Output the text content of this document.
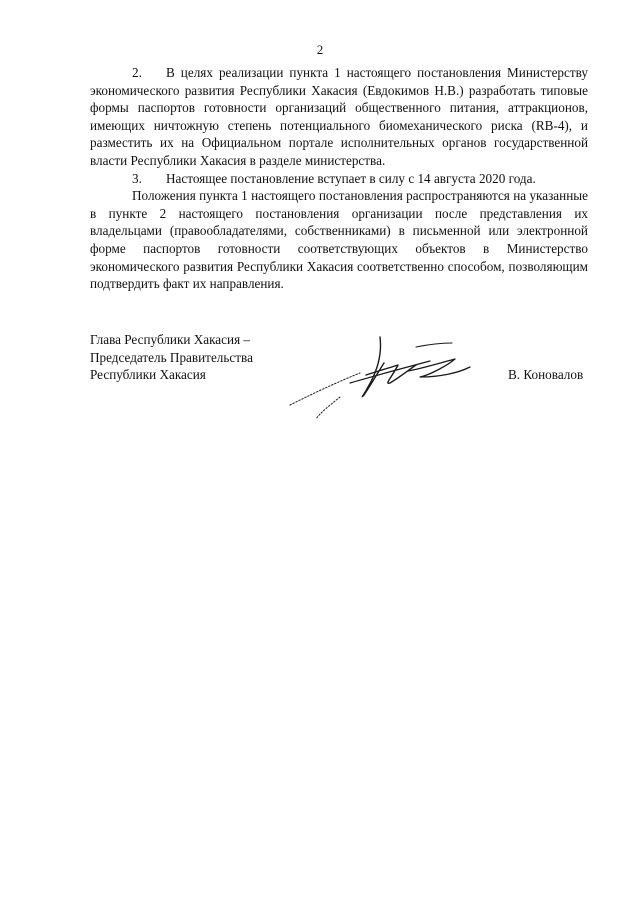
2

2. В целях реализации пункта 1 настоящего постановления Министерству экономического развития Республики Хакасия (Евдокимов Н.В.) разработать типовые формы паспортов готовности организаций общественного питания, аттракционов, имеющих ничтожную степень потенциального биомеханического риска (RB-4), и разместить их на Официальном портале исполнительных органов государственной власти Республики Хакасия в разделе министерства.

3. Настоящее постановление вступает в силу с 14 августа 2020 года.

Положения пункта 1 настоящего постановления распространяются на указанные в пункте 2 настоящего постановления организации после представления их владельцами (правообладателями, собственниками) в письменной или электронной форме паспортов готовности соответствующих объектов в Министерство экономического развития Республики Хакасия соответственно способом, позволяющим подтвердить факт их направления.

Глава Республики Хакасия –
Председатель Правительства
Республики Хакасия	В. Коновалов
